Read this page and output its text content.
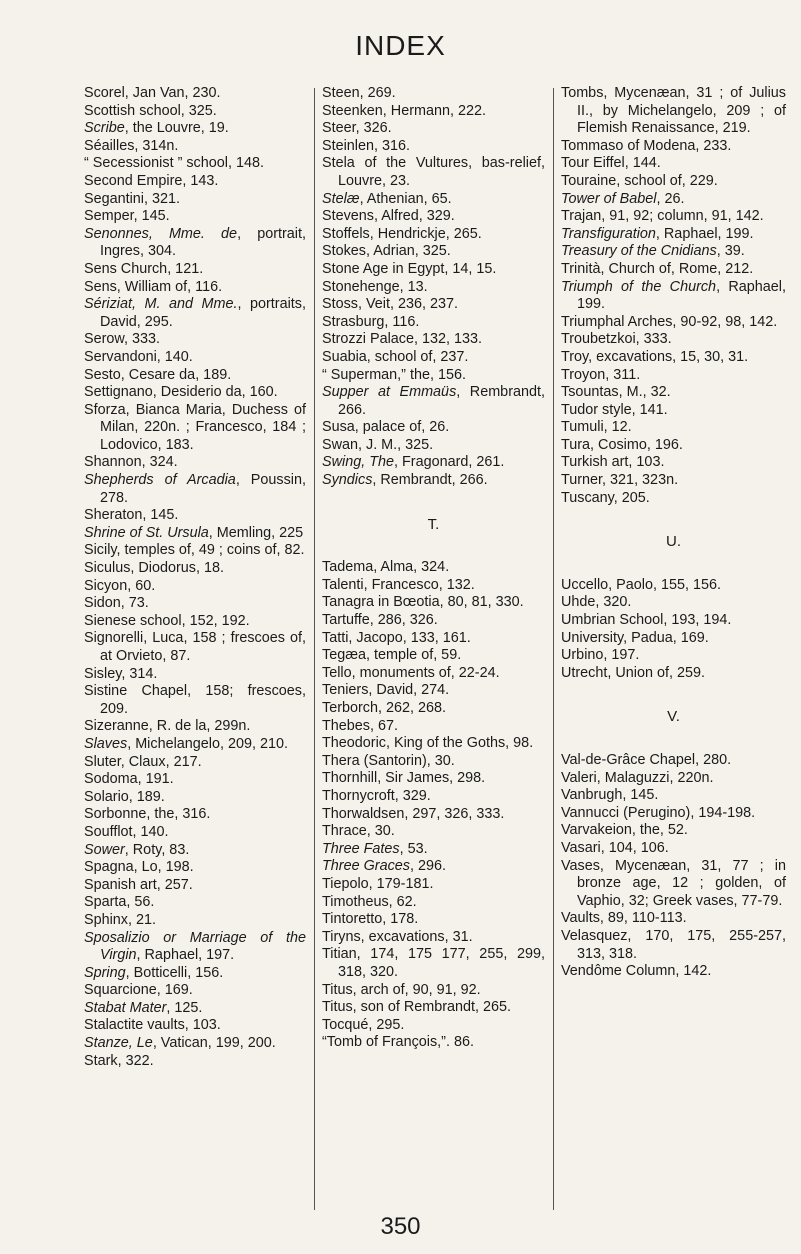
INDEX
Scorel, Jan Van, 230.
Scottish school, 325.
Scribe, the Louvre, 19.
Séailles, 314n.
“ Secessionist ” school, 148.
Second Empire, 143.
Segantini, 321.
Semper, 145.
Senonnes, Mme. de, portrait, Ingres, 304.
Sens Church, 121.
Sens, William of, 116.
Sériziat, M. and Mme., portraits, David, 295.
Serow, 333.
Servandoni, 140.
Sesto, Cesare da, 189.
Settignano, Desiderio da, 160.
Sforza, Bianca Maria, Duchess of Milan, 220n. ; Francesco, 184 ; Lodovico, 183.
Shannon, 324.
Shepherds of Arcadia, Poussin, 278.
Sheraton, 145.
Shrine of St. Ursula, Memling, 225
Sicily, temples of, 49 ; coins of, 82.
Siculus, Diodorus, 18.
Sicyon, 60.
Sidon, 73.
Sienese school, 152, 192.
Signorelli, Luca, 158 ; frescoes of, at Orvieto, 87.
Sisley, 314.
Sistine Chapel, 158; frescoes, 209.
Sizeranne, R. de la, 299n.
Slaves, Michelangelo, 209, 210.
Sluter, Claux, 217.
Sodoma, 191.
Solario, 189.
Sorbonne, the, 316.
Soufflot, 140.
Sower, Roty, 83.
Spagna, Lo, 198.
Spanish art, 257.
Sparta, 56.
Sphinx, 21.
Sposalizio or Marriage of the Virgin, Raphael, 197.
Spring, Botticelli, 156.
Squarcione, 169.
Stabat Mater, 125.
Stalactite vaults, 103.
Stanze, Le, Vatican, 199, 200.
Stark, 322.
Steen, 269.
Steenken, Hermann, 222.
Steer, 326.
Steinlen, 316.
Stela of the Vultures, bas-relief, Louvre, 23.
Stelæ, Athenian, 65.
Stevens, Alfred, 329.
Stoffels, Hendrickje, 265.
Stokes, Adrian, 325.
Stone Age in Egypt, 14, 15.
Stonehenge, 13.
Stoss, Veit, 236, 237.
Strasburg, 116.
Strozzi Palace, 132, 133.
Suabia, school of, 237.
“ Superman,” the, 156.
Supper at Emmaüs, Rembrandt, 266.
Susa, palace of, 26.
Swan, J. M., 325.
Swing, The, Fragonard, 261.
Syndics, Rembrandt, 266.
T.
Tadema, Alma, 324.
Talenti, Francesco, 132.
Tanagra in Bœotia, 80, 81, 330.
Tartuffe, 286, 326.
Tatti, Jacopo, 133, 161.
Tegæa, temple of, 59.
Tello, monuments of, 22-24.
Teniers, David, 274.
Terborch, 262, 268.
Thebes, 67.
Theodoric, King of the Goths, 98.
Thera (Santorin), 30.
Thornhill, Sir James, 298.
Thornycroft, 329.
Thorwaldsen, 297, 326, 333.
Thrace, 30.
Three Fates, 53.
Three Graces, 296.
Tiepolo, 179-181.
Timotheus, 62.
Tintoretto, 178.
Tiryns, excavations, 31.
Titian, 174, 175 177, 255, 299, 318, 320.
Titus, arch of, 90, 91, 92.
Titus, son of Rembrandt, 265.
Tocqué, 295.
“Tomb of François,”. 86.
Tombs, Mycenæan, 31 ; of Julius II., by Michelangelo, 209 ; of Flemish Renaissance, 219.
Tommaso of Modena, 233.
Tour Eiffel, 144.
Touraine, school of, 229.
Tower of Babel, 26.
Trajan, 91, 92; column, 91, 142.
Transfiguration, Raphael, 199.
Treasury of the Cnidians, 39.
Trinità, Church of, Rome, 212.
Triumph of the Church, Raphael, 199.
Triumphal Arches, 90-92, 98, 142.
Troubetzkoi, 333.
Troy, excavations, 15, 30, 31.
Troyon, 311.
Tsountas, M., 32.
Tudor style, 141.
Tumuli, 12.
Tura, Cosimo, 196.
Turkish art, 103.
Turner, 321, 323n.
Tuscany, 205.
U.
Uccello, Paolo, 155, 156.
Uhde, 320.
Umbrian School, 193, 194.
University, Padua, 169.
Urbino, 197.
Utrecht, Union of, 259.
V.
Val-de-Grâce Chapel, 280.
Valeri, Malaguzzi, 220n.
Vanbrugh, 145.
Vannucci (Perugino), 194-198.
Varvakeion, the, 52.
Vasari, 104, 106.
Vases, Mycenæan, 31, 77 ; in bronze age, 12 ; golden, of Vaphio, 32; Greek vases, 77-79.
Vaults, 89, 110-113.
Velasquez, 170, 175, 255-257, 313, 318.
Vendôme Column, 142.
350
